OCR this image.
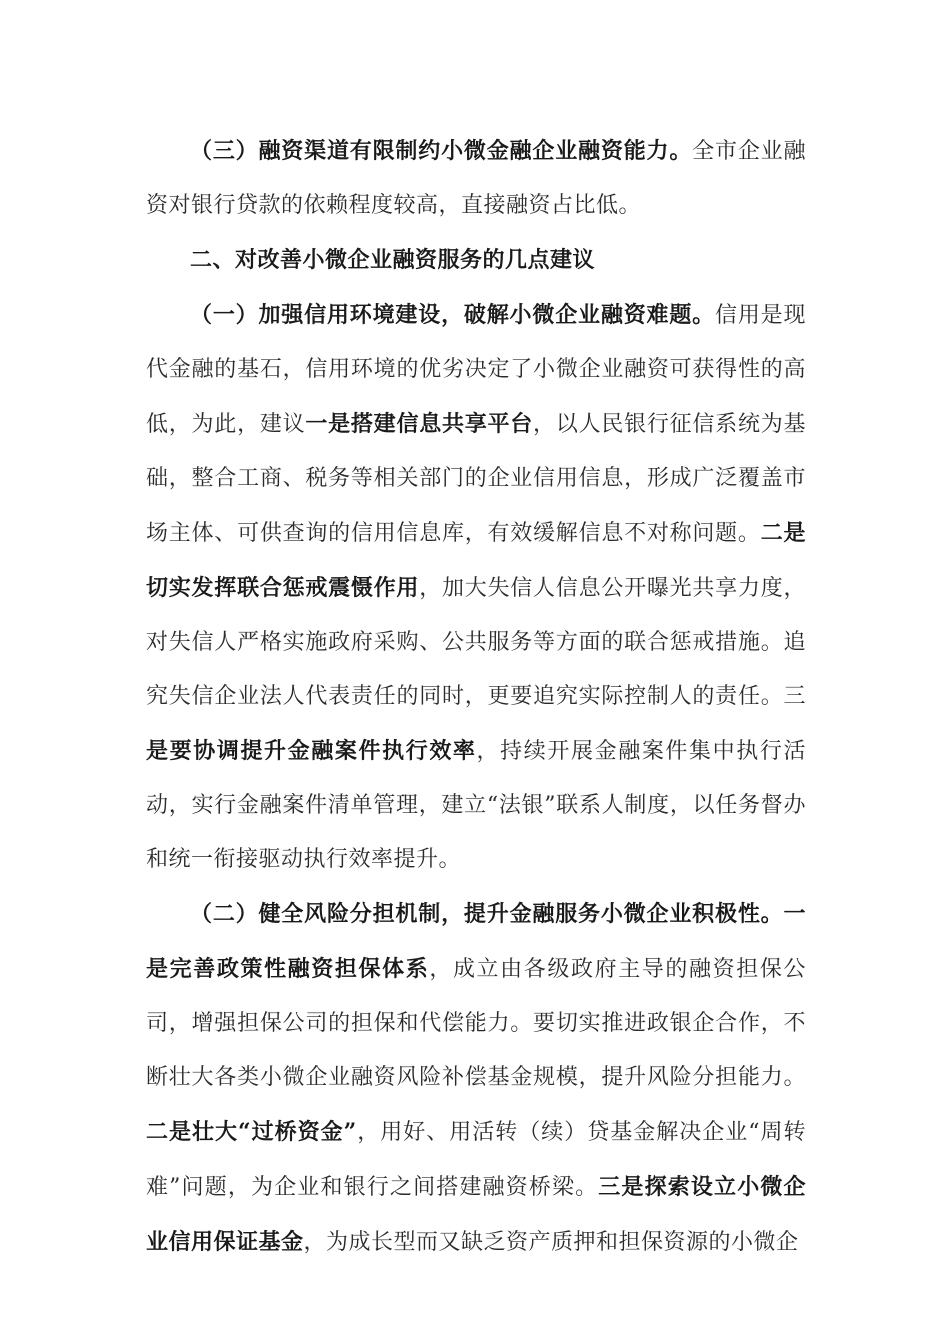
（三）融资渠道有限制约小微金融企业融资能力。全市企业融资对银行贷款的依赖程度较高，直接融资占比低。

二、对改善小微企业融资服务的几点建议

（一）加强信用环境建设，破解小微企业融资难题。信用是现代金融的基石，信用环境的优劣决定了小微企业融资可获得性的高低，为此，建议一是搭建信息共享平台，以人民银行征信系统为基础，整合工商、税务等相关部门的企业信用信息，形成广泛覆盖市场主体、可供查询的信用信息库，有效缓解信息不对称问题。二是切实发挥联合惩戒震慑作用，加大失信人信息公开曝光共享力度，对失信人严格实施政府采购、公共服务等方面的联合惩戒措施。追究失信企业法人代表责任的同时，更要追究实际控制人的责任。三是要协调提升金融案件执行效率，持续开展金融案件集中执行活动，实行金融案件清单管理，建立“法银”联系人制度，以任务督办和统一衔接驱动执行效率提升。

（二）健全风险分担机制，提升金融服务小微企业积极性。一是完善政策性融资担保体系，成立由各级政府主导的融资担保公司，增强担保公司的担保和代偿能力。要切实推进政银企合作，不断壮大各类小微企业融资风险补偿基金规模，提升风险分担能力。二是壮大“过桥资金”，用好、用活转（续）贷基金解决企业“周转难”问题，为企业和银行之间搭建融资桥梁。三是探索设立小微企业信用保证基金，为成长型而又缺乏资产质押和担保资源的小微企
